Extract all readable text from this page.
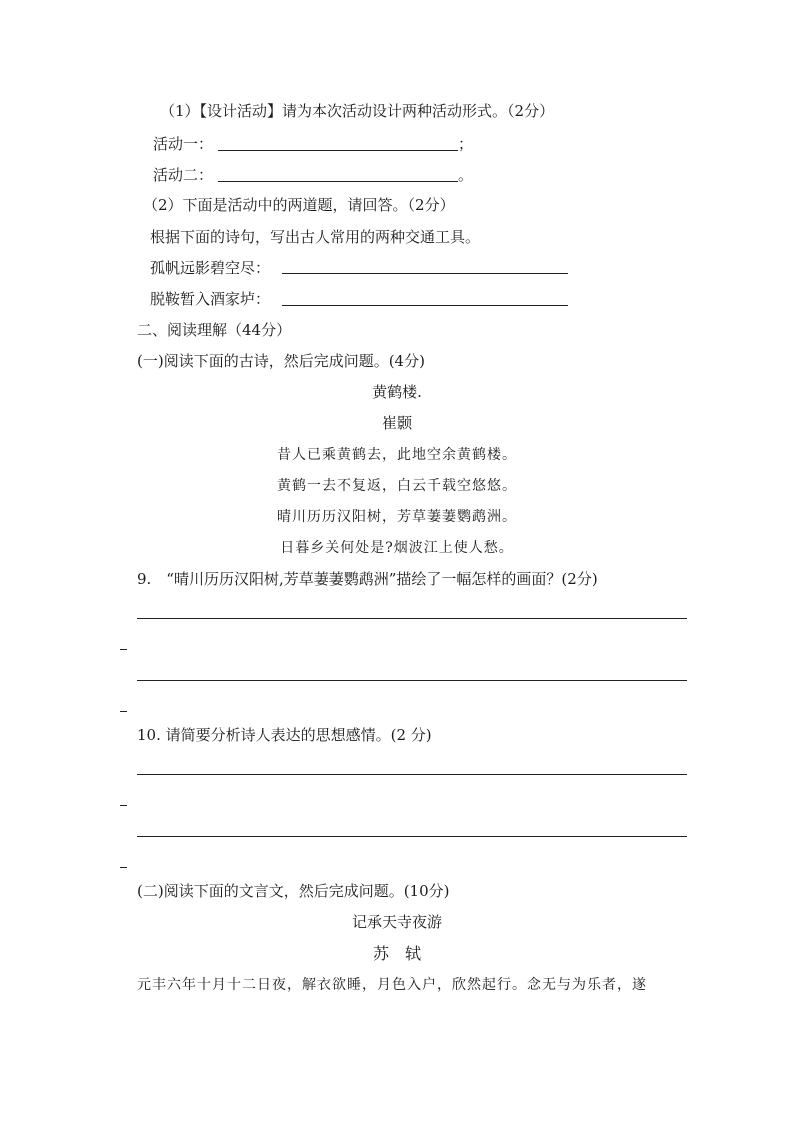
（1）【设计活动】请为本次活动设计两种活动形式。（2分）
活动一：	；
活动二：	。
（2）下面是活动中的两道题，请回答。（2分）
根据下面的诗句，写出古人常用的两种交通工具。
孤帆远影碧空尽：
脱鞍暂入酒家垆：
二、阅读理解（44分）
(一)阅读下面的古诗，然后完成问题。(4分)
黄鹤楼.
崔颢
昔人已乘黄鹤去，此地空余黄鹤楼。
黄鹤一去不复返，白云千载空悠悠。
晴川历历汉阳树，芳草萋萋鹦鹉洲。
日暮乡关何处是?烟波江上使人愁。
9.　“晴川历历汉阳树,芳草萋萋鹦鹉洲”描绘了一幅怎样的画面？(2分)
10. 请简要分析诗人表达的思想感情。(2 分)
(二)阅读下面的文言文，然后完成问题。(10分)
记承天寺夜游
苏　轼
元丰六年十月十二日夜，解衣欲睡，月色入户，欣然起行。念无与为乐者，遂
